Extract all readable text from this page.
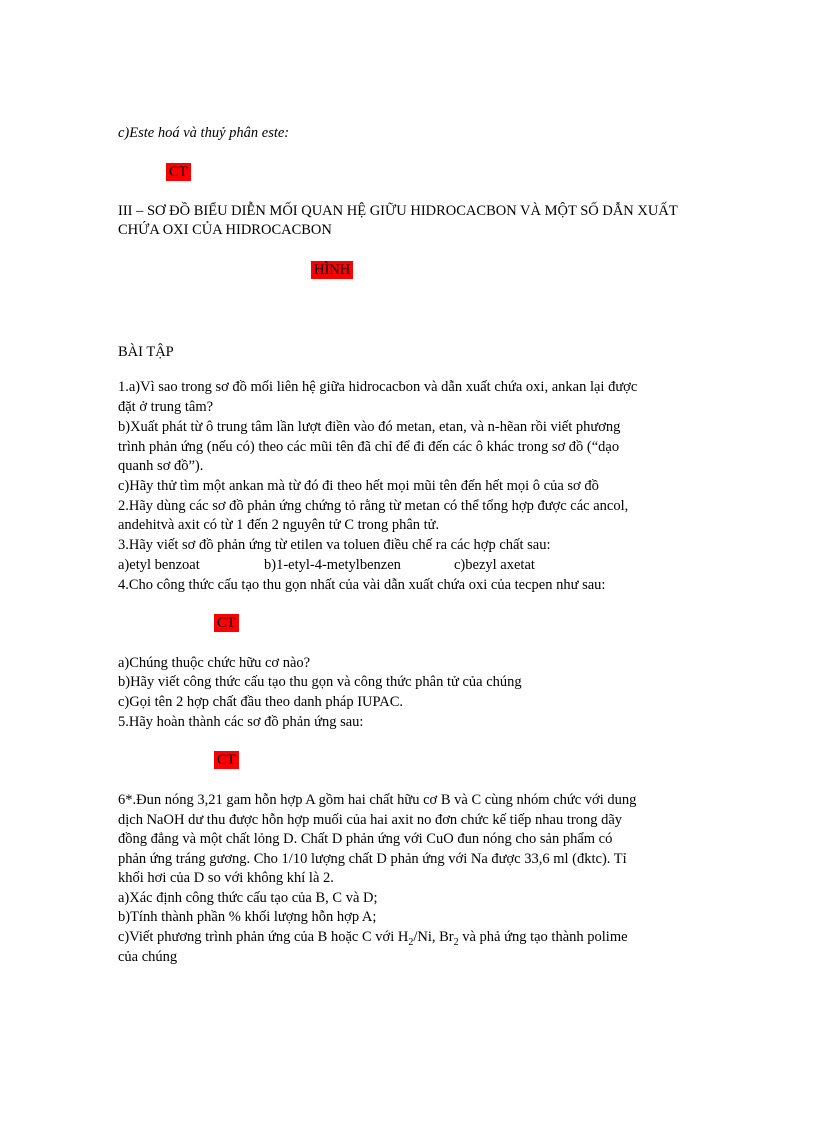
c)Este hoá và thuỷ phân este:
CT
III – SƠ ĐỒ BIỂU DIỄN MỐI QUAN HỆ GIỮU HIDROCACBON VÀ MỘT SỐ DẪN XUẤT CHỨA OXI CỦA HIDROCACBON
HÌNH
BÀI TẬP
1.a)Vì sao trong sơ đồ mối liên hệ giữa hidrocacbon và dẫn xuất chứa oxi, ankan lại được
đặt ở trung tâm?
b)Xuất phát từ ô trung tâm lần lượt điền vào đó metan, etan, và n-hẽan rồi viết phương
trình phản ứng (nếu có) theo các mũi tên đã chỉ để đi đến các ô khác trong sơ đồ (“dạo
quanh sơ đồ”).
c)Hãy thử tìm một ankan mà từ đó đi theo hết mọi mũi tên đến hết mọi ô của sơ đồ
2.Hãy dùng các sơ đồ phản ứng chứng tỏ rằng từ metan có thể tổng hợp được các ancol,
andehitvà axit có từ 1 đến 2 nguyên tử C trong phân tử.
3.Hãy viết sơ đồ phản ứng từ etilen va toluen điều chế ra các hợp chất sau:
a)etyl benzoat	b)1-etyl-4-metylbenzen	c)bezyl axetat
4.Cho công thức cấu tạo thu gọn nhất của vài dẫn xuất chứa oxi của tecpen như sau:
CT
a)Chúng thuộc chức hữu cơ nào?
b)Hãy viết công thức cấu tạo thu gọn và công thức phân tử của chúng
c)Gọi tên 2 hợp chất đầu theo danh pháp IUPAC.
5.Hãy hoàn thành các sơ đồ phản ứng sau:
CT
6*.Đun nóng 3,21 gam hỗn hợp A gồm hai chất hữu cơ B và C cùng nhóm chức với dung
dịch NaOH dư thu được hỗn hợp muối của hai axit no đơn chức kế tiếp nhau trong dãy
đồng đẳng và một chất lỏng D. Chất D phản ứng với CuO đun nóng cho sản phẩm có
phản ứng tráng gương. Cho 1/10 lượng chất D phản ứng với Na được 33,6 ml (đktc). Tỉ
khối hơi của D so với không khí là 2.
a)Xác định công thức cấu tạo của B, C và D;
b)Tính thành phần % khối lượng hỗn hợp A;
c)Viết phương trình phản ứng của B hoặc C với $H_2/Ni$, $Br_2$ và phả ứng tạo thành polime
của chúng
